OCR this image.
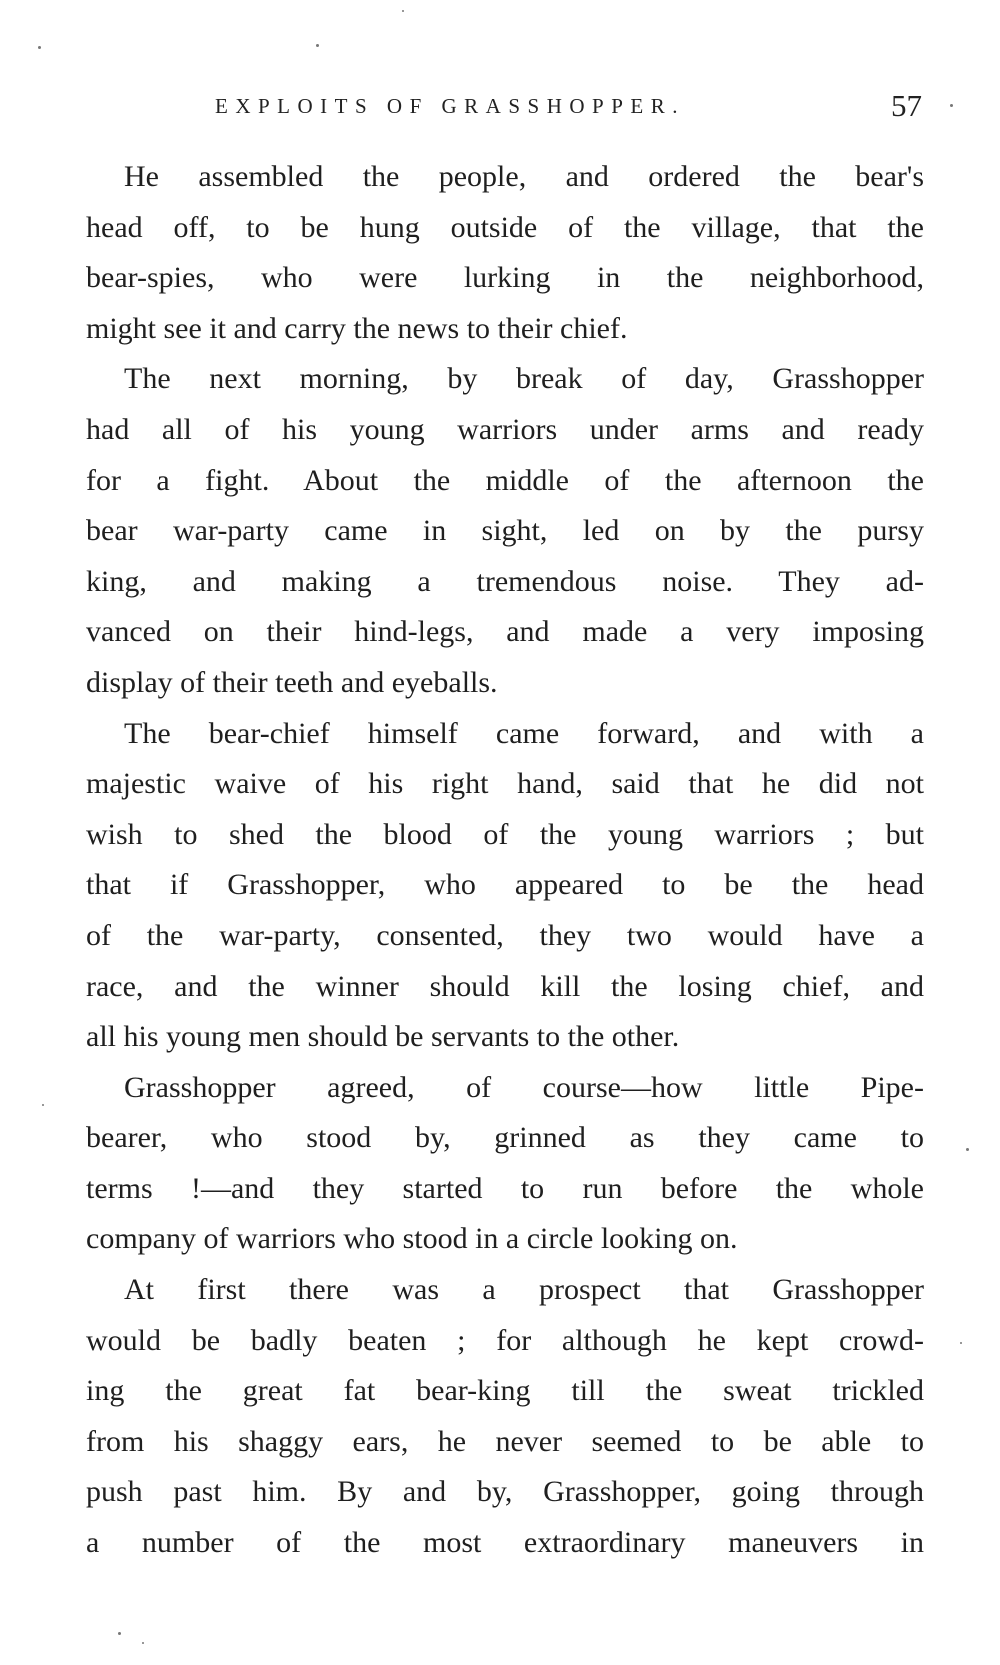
EXPLOITS OF GRASSHOPPER.	57

He assembled the people, and ordered the bear's
head off, to be hung outside of the village, that the
bear-spies, who were lurking in the neighborhood,
might see it and carry the news to their chief.

The next morning, by break of day, Grasshopper
had all of his young warriors under arms and ready
for a fight. About the middle of the afternoon the
bear war-party came in sight, led on by the pursy
king, and making a tremendous noise. They ad-
vanced on their hind-legs, and made a very imposing
display of their teeth and eyeballs.

The bear-chief himself came forward, and with a
majestic waive of his right hand, said that he did not
wish to shed the blood of the young warriors ; but
that if Grasshopper, who appeared to be the head
of the war-party, consented, they two would have a
race, and the winner should kill the losing chief, and
all his young men should be servants to the other.

Grasshopper agreed, of course—how little Pipe-
bearer, who stood by, grinned as they came to
terms !—and they started to run before the whole
company of warriors who stood in a circle looking on.

At first there was a prospect that Grasshopper
would be badly beaten ; for although he kept crowd-
ing the great fat bear-king till the sweat trickled
from his shaggy ears, he never seemed to be able to
push past him. By and by, Grasshopper, going through
a number of the most extraordinary maneuvers in
